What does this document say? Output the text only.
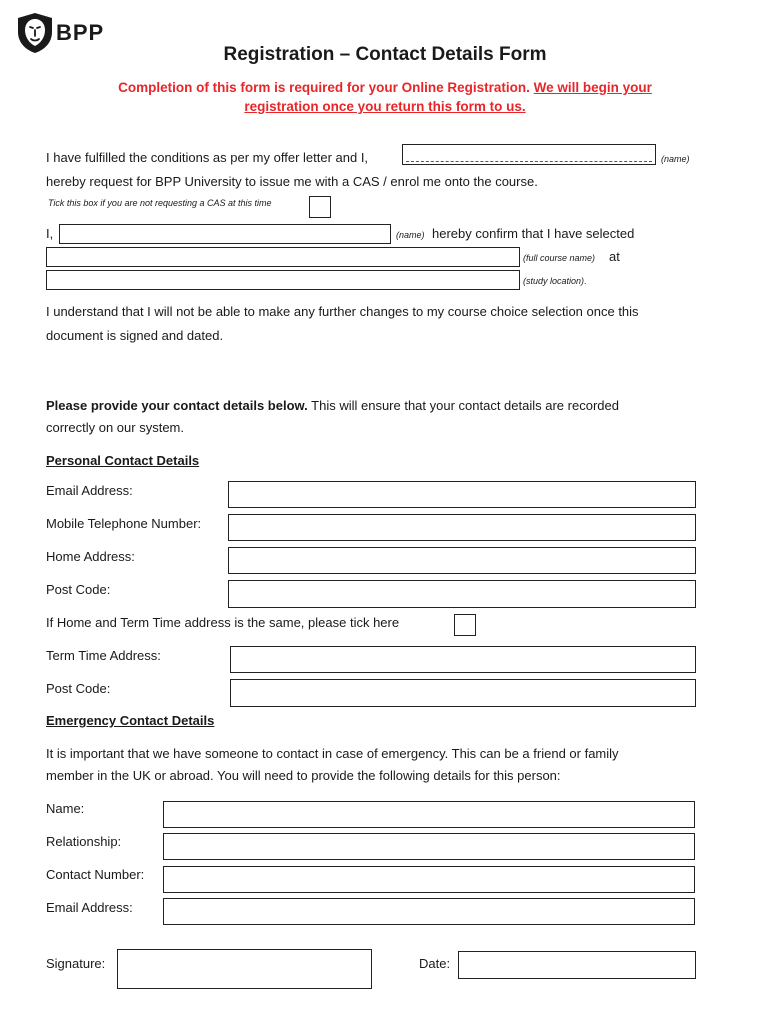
BPP
Registration – Contact Details Form
Completion of this form is required for your Online Registration. We will begin your
registration once you return this form to us.
I have fulfilled the conditions as per my offer letter and I,	(name)
hereby request for BPP University to issue me with a CAS / enrol me onto the course.
Tick this box if you are not requesting a CAS at this time
I,	(name) hereby confirm that I have selected
(full course name) at
(study location).
I understand that I will not be able to make any further changes to my course choice selection once this
document is signed and dated.
Please provide your contact details below. This will ensure that your contact details are recorded
correctly on our system.
Personal Contact Details
Email Address:
Mobile Telephone Number:
Home Address:
Post Code:
If Home and Term Time address is the same, please tick here
Term Time Address:
Post Code:
Emergency Contact Details
It is important that we have someone to contact in case of emergency. This can be a friend or family
member in the UK or abroad. You will need to provide the following details for this person:
Name:
Relationship:
Contact Number:
Email Address:
Signature:	Date:
